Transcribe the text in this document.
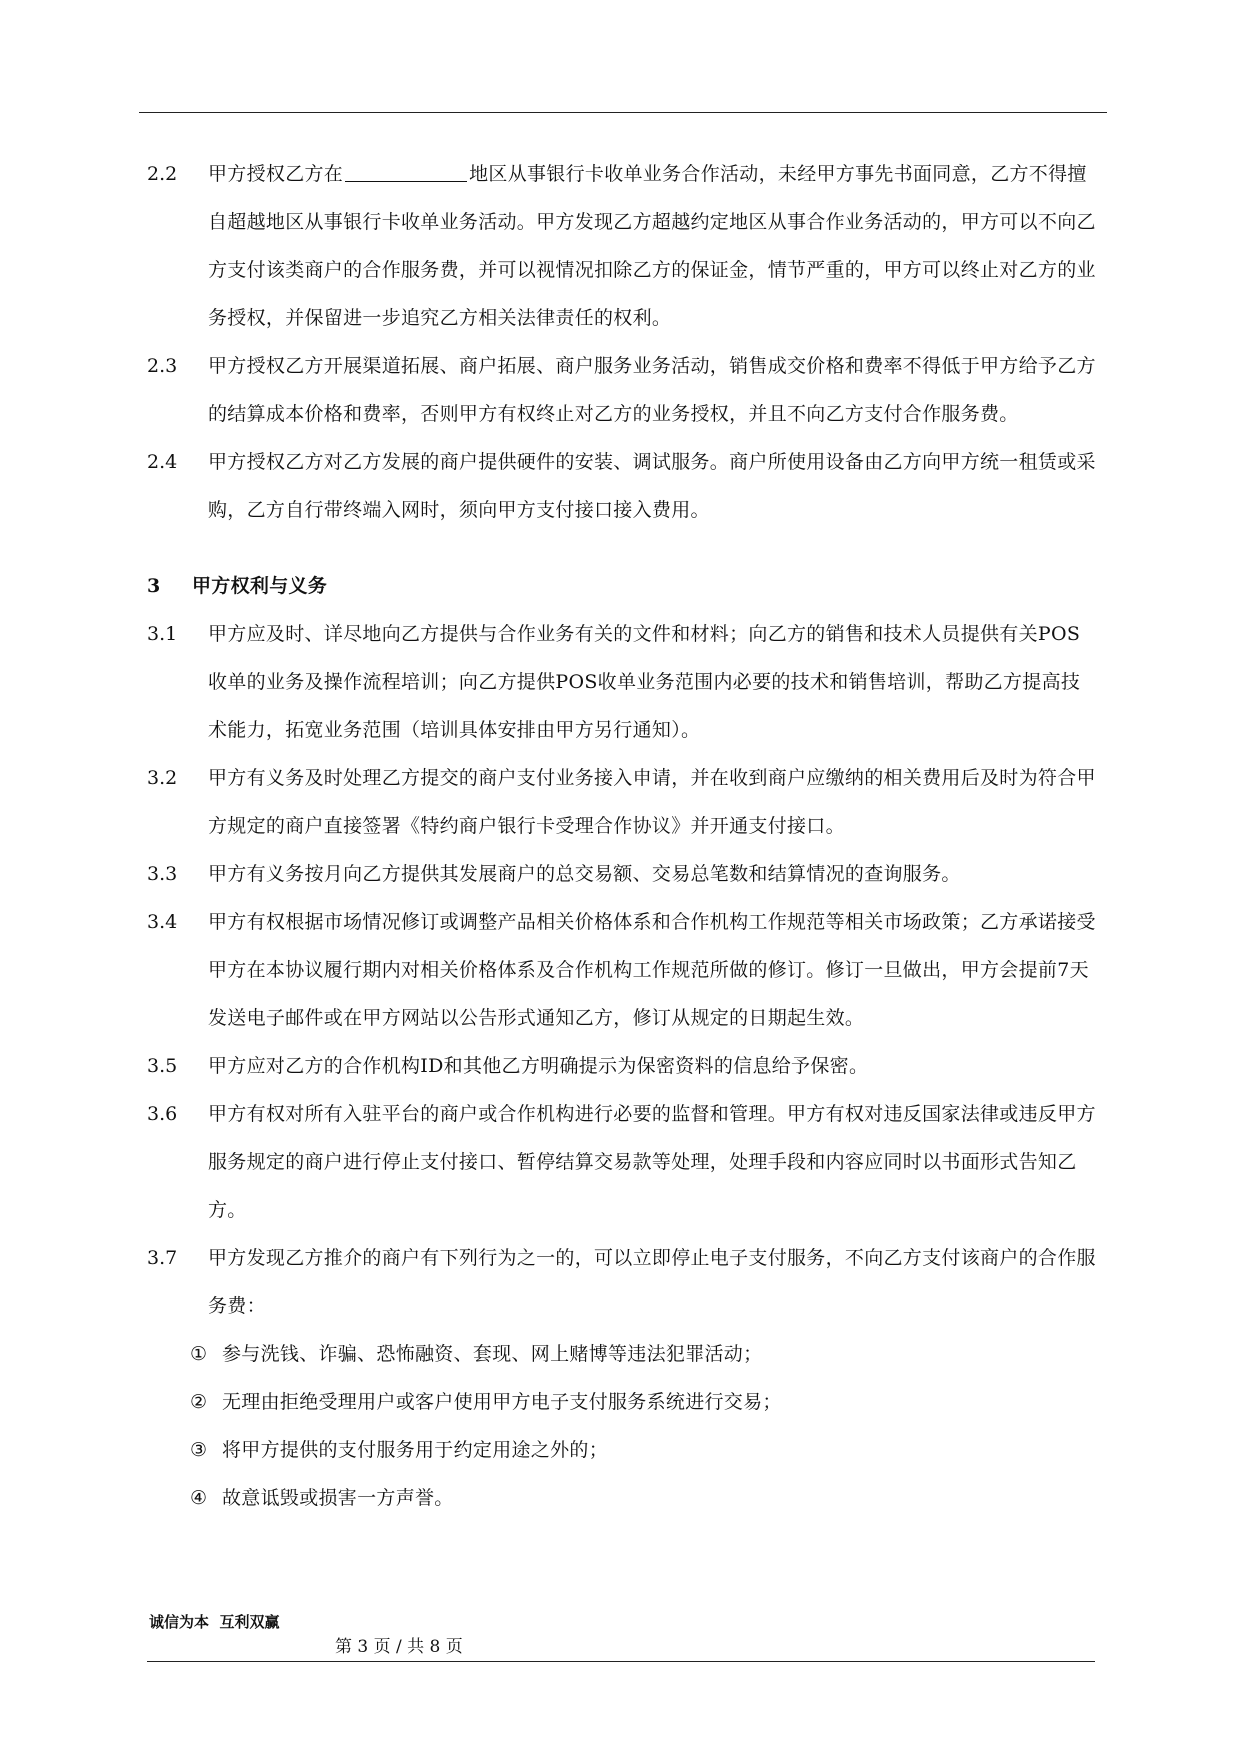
2.2	甲方授权乙方在	地区从事银行卡收单业务合作活动，未经甲方事先书面同意，乙方不得擅自超越地区从事银行卡收单业务活动。甲方发现乙方超越约定地区从事合作业务活动的，甲方可以不向乙方支付该类商户的合作服务费，并可以视情况扣除乙方的保证金，情节严重的，甲方可以终止对乙方的业务授权，并保留进一步追究乙方相关法律责任的权利。
2.3	甲方授权乙方开展渠道拓展、商户拓展、商户服务业务活动，销售成交价格和费率不得低于甲方给予乙方的结算成本价格和费率，否则甲方有权终止对乙方的业务授权，并且不向乙方支付合作服务费。
2.4	甲方授权乙方对乙方发展的商户提供硬件的安装、调试服务。商户所使用设备由乙方向甲方统一租赁或采购，乙方自行带终端入网时，须向甲方支付接口接入费用。
3	甲方权利与义务
3.1	甲方应及时、详尽地向乙方提供与合作业务有关的文件和材料；向乙方的销售和技术人员提供有关POS收单的业务及操作流程培训；向乙方提供POS收单业务范围内必要的技术和销售培训，帮助乙方提高技术能力，拓宽业务范围（培训具体安排由甲方另行通知）。
3.2	甲方有义务及时处理乙方提交的商户支付业务接入申请，并在收到商户应缴纳的相关费用后及时为符合甲方规定的商户直接签署《特约商户银行卡受理合作协议》并开通支付接口。
3.3	甲方有义务按月向乙方提供其发展商户的总交易额、交易总笔数和结算情况的查询服务。
3.4	甲方有权根据市场情况修订或调整产品相关价格体系和合作机构工作规范等相关市场政策；乙方承诺接受甲方在本协议履行期内对相关价格体系及合作机构工作规范所做的修订。修订一旦做出，甲方会提前7天发送电子邮件或在甲方网站以公告形式通知乙方，修订从规定的日期起生效。
3.5	甲方应对乙方的合作机构ID和其他乙方明确提示为保密资料的信息给予保密。
3.6	甲方有权对所有入驻平台的商户或合作机构进行必要的监督和管理。甲方有权对违反国家法律或违反甲方服务规定的商户进行停止支付接口、暂停结算交易款等处理，处理手段和内容应同时以书面形式告知乙方。
3.7	甲方发现乙方推介的商户有下列行为之一的，可以立即停止电子支付服务，不向乙方支付该商户的合作服务费：
① 参与洗钱、诈骗、恐怖融资、套现、网上赌博等违法犯罪活动；
② 无理由拒绝受理用户或客户使用甲方电子支付服务系统进行交易；
③ 将甲方提供的支付服务用于约定用途之外的；
④ 故意诋毁或损害一方声誉。
诚信为本  互利双赢
第 3 页 / 共 8 页
